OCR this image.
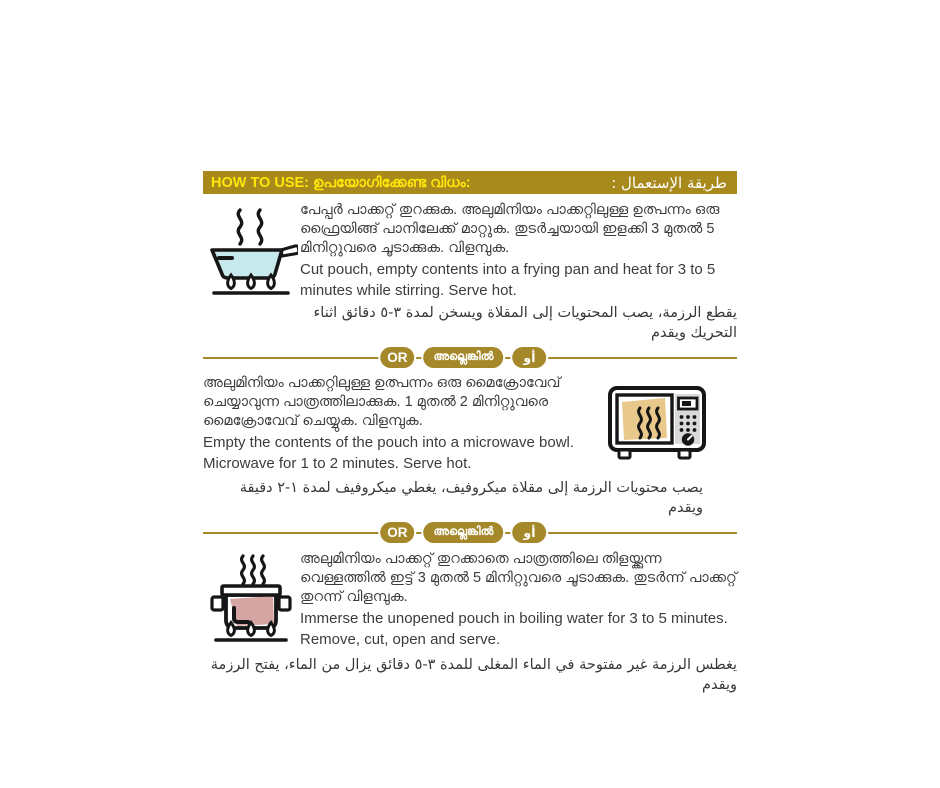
HOW TO USE: ഉപയോഗിക്കേണ്ട വിധം:	طريقة الإستعمال :

പേപ്പർ പാക്കറ്റ് തുറക്കുക. അലുമിനിയം പാക്കറ്റിലുള്ള ഉത്പന്നം ഒരു ഫ്രൈയിങ്ങ് പാനിലേക്ക് മാറ്റുക. തുടർച്ചയായി ഇളക്കി 3 മുതൽ 5 മിനിറ്റുവരെ ചൂടാക്കുക. വിളമ്പുക.

Cut pouch, empty contents into a frying pan and heat for 3 to 5 minutes while stirring. Serve hot.

يقطع الرزمة، يصب المحتويات إلى المقلاة ويسخن لمدة ٣-٥ دقائق اثناء التحريك ويقدم

OR	അല്ലെങ്കിൽ	أو

അലുമിനിയം പാക്കറ്റിലുള്ള ഉത്പന്നം ഒരു മൈക്രോവേവ് ചെയ്യാവുന്ന പാത്രത്തിലാക്കുക. 1 മുതൽ 2 മിനിറ്റുവരെ മൈക്രോവേവ് ചെയ്യുക. വിളമ്പുക.

Empty the contents of the pouch into a microwave bowl. Microwave for 1 to 2 minutes. Serve hot.

يصب محتويات الرزمة إلى مقلاة ميكروفيف، يغطي ميكروفيف لمدة ١-٢ دقيقة ويقدم

OR	അല്ലെങ്കിൽ	أو

അലുമിനിയം പാക്കറ്റ് തുറക്കാതെ പാത്രത്തിലെ തിളയ്ക്കുന്ന വെള്ളത്തിൽ ഇട്ട് 3 മുതൽ 5 മിനിറ്റുവരെ ചൂടാക്കുക. തുടർന്ന് പാക്കറ്റ് തുറന്ന് വിളമ്പുക.

Immerse the unopened pouch in boiling water for 3 to 5 minutes. Remove, cut, open and serve.

يغطس الرزمة غير مفتوحة في الماء المغلى للمدة ٣-٥ دقائق يزال من الماء، يفتح الرزمة ويقدم
